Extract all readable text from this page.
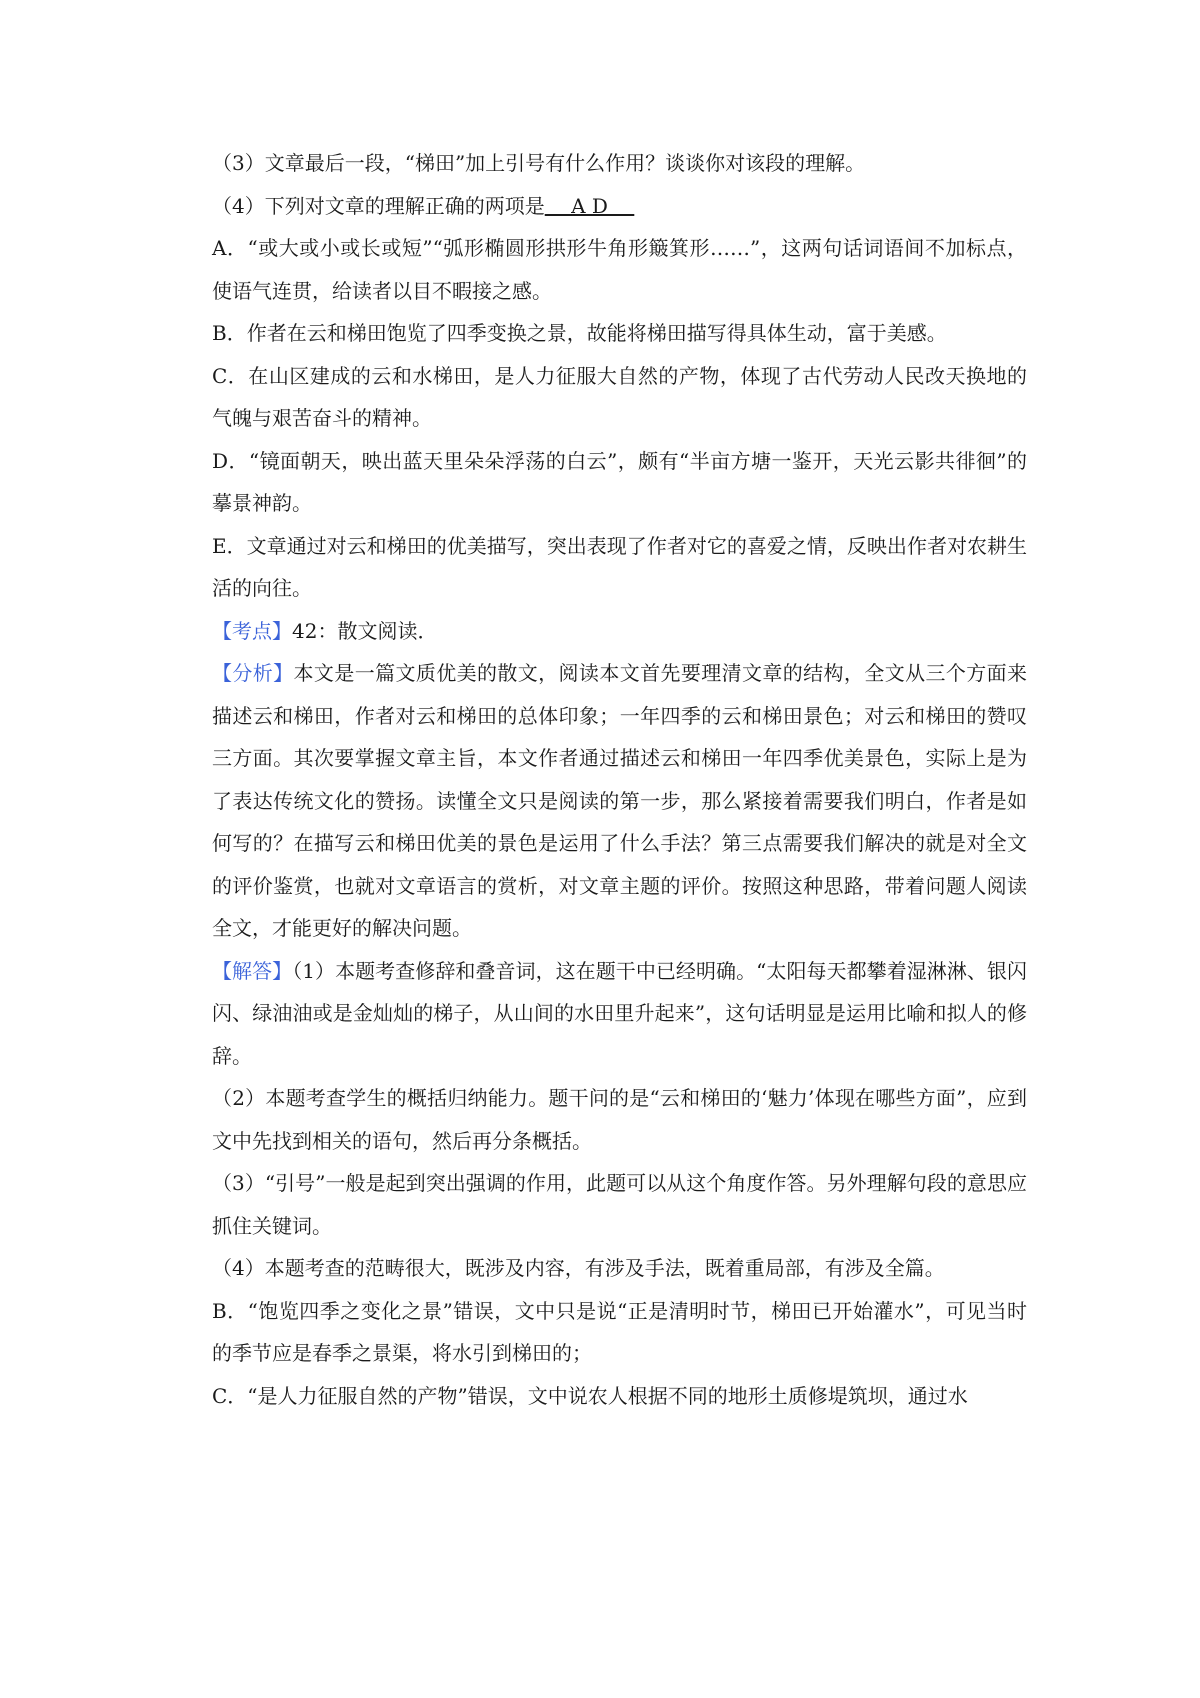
（3）文章最后一段，“梯田”加上引号有什么作用？谈谈你对该段的理解。

（4）下列对文章的理解正确的两项是　 A D 　

A．“或大或小或长或短”“弧形椭圆形拱形牛角形簸箕形……”，这两句话词语间不加标点，使语气连贯，给读者以目不暇接之感。

B．作者在云和梯田饱览了四季变换之景，故能将梯田描写得具体生动，富于美感。

C．在山区建成的云和水梯田，是人力征服大自然的产物，体现了古代劳动人民改天换地的气魄与艰苦奋斗的精神。

D．“镜面朝天，映出蓝天里朵朵浮荡的白云”，颇有“半亩方塘一鉴开，天光云影共徘徊”的摹景神韵。

E．文章通过对云和梯田的优美描写，突出表现了作者对它的喜爱之情，反映出作者对农耕生活的向往。

【考点】42：散文阅读．

【分析】本文是一篇文质优美的散文，阅读本文首先要理清文章的结构，全文从三个方面来描述云和梯田，作者对云和梯田的总体印象；一年四季的云和梯田景色；对云和梯田的赞叹三方面。其次要掌握文章主旨，本文作者通过描述云和梯田一年四季优美景色，实际上是为了表达传统文化的赞扬。读懂全文只是阅读的第一步，那么紧接着需要我们明白，作者是如何写的？在描写云和梯田优美的景色是运用了什么手法？第三点需要我们解决的就是对全文的评价鉴赏，也就对文章语言的赏析，对文章主题的评价。按照这种思路，带着问题人阅读全文，才能更好的解决问题。

【解答】（1）本题考查修辞和叠音词，这在题干中已经明确。“太阳每天都攀着湿淋淋、银闪闪、绿油油或是金灿灿的梯子，从山间的水田里升起来”，这句话明显是运用比喻和拟人的修辞。

（2）本题考查学生的概括归纳能力。题干问的是“云和梯田的‘魅力’体现在哪些方面”，应到文中先找到相关的语句，然后再分条概括。

（3）“引号”一般是起到突出强调的作用，此题可以从这个角度作答。另外理解句段的意思应抓住关键词。

（4）本题考查的范畴很大，既涉及内容，有涉及手法，既着重局部，有涉及全篇。

B．“饱览四季之变化之景”错误，文中只是说“正是清明时节，梯田已开始灌水”，可见当时的季节应是春季之景渠，将水引到梯田的；

C．“是人力征服自然的产物”错误，文中说农人根据不同的地形土质修堤筑坝，通过水
